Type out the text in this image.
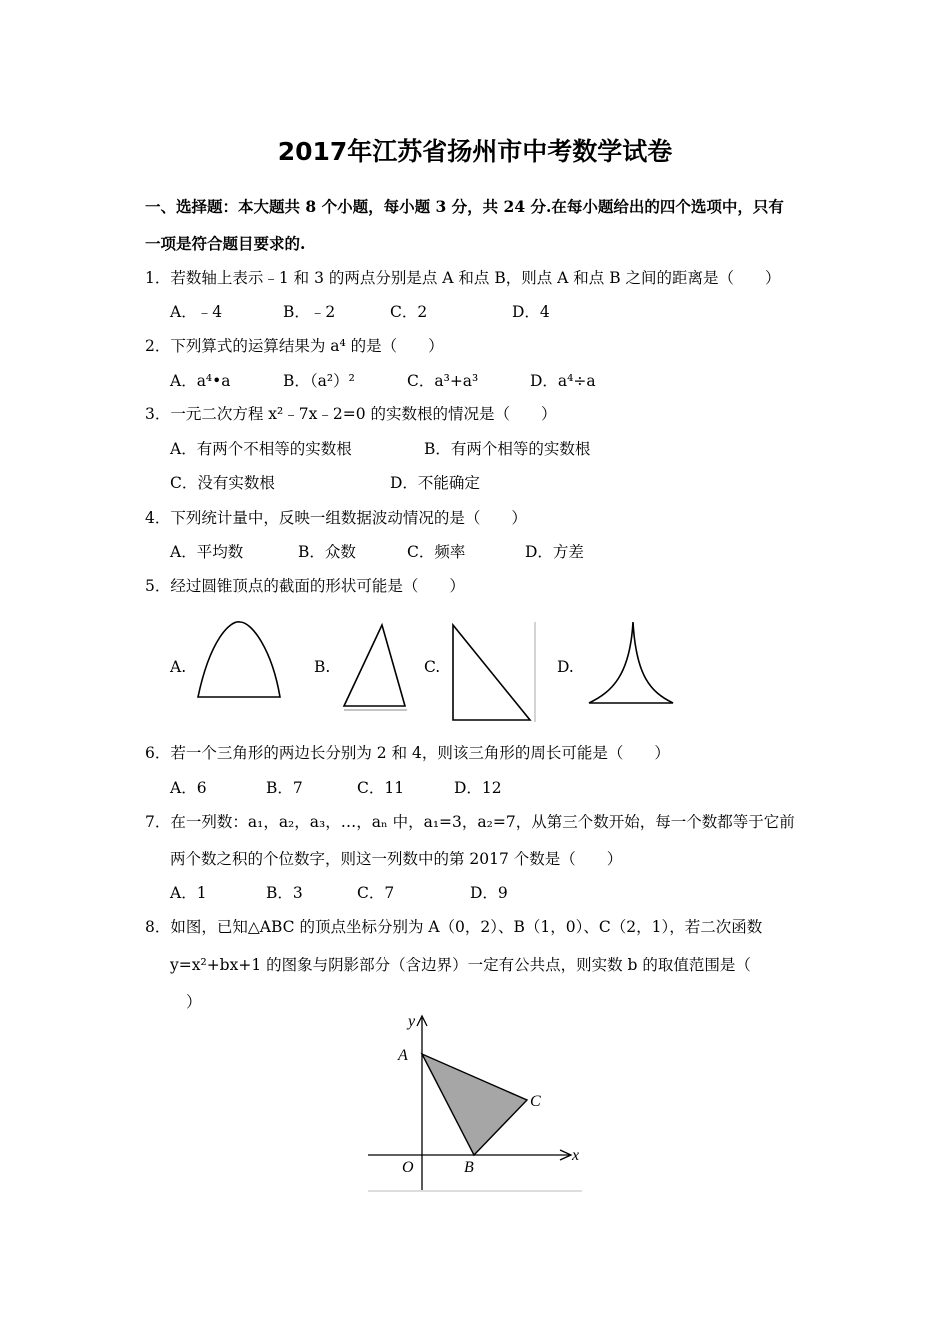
2017年江苏省扬州市中考数学试卷
一、选择题：本大题共 8 个小题，每小题 3 分，共 24 分.在每小题给出的四个选项中，只有
一项是符合题目要求的.
1．若数轴上表示﹣1 和 3 的两点分别是点 A 和点 B，则点 A 和点 B 之间的距离是（　　）
A．﹣4	B．﹣2	C．2	D．4
2．下列算式的运算结果为 a⁴ 的是（　　）
A．a⁴•a	B．（a²）²	C．a³+a³	D．a⁴÷a
3．一元二次方程 x²﹣7x﹣2=0 的实数根的情况是（　　）
A．有两个不相等的实数根	B．有两个相等的实数根
C．没有实数根	D．不能确定
4．下列统计量中，反映一组数据波动情况的是（　　）
A．平均数	B．众数	C．频率	D．方差
5．经过圆锥顶点的截面的形状可能是（　　）
A.	B.	C.	D.
6．若一个三角形的两边长分别为 2 和 4，则该三角形的周长可能是（　　）
A．6	B．7	C．11	D．12
7．在一列数：a₁，a₂，a₃，…，aₙ 中，a₁=3，a₂=7，从第三个数开始，每一个数都等于它前
两个数之积的个位数字，则这一列数中的第 2017 个数是（　　）
A．1	B．3	C．7	D．9
8．如图，已知△ABC 的顶点坐标分别为 A（0，2）、B（1，0）、C（2，1），若二次函数
y=x²+bx+1 的图象与阴影部分（含边界）一定有公共点，则实数 b 的取值范围是（
）
y
x
A
B
C
O
